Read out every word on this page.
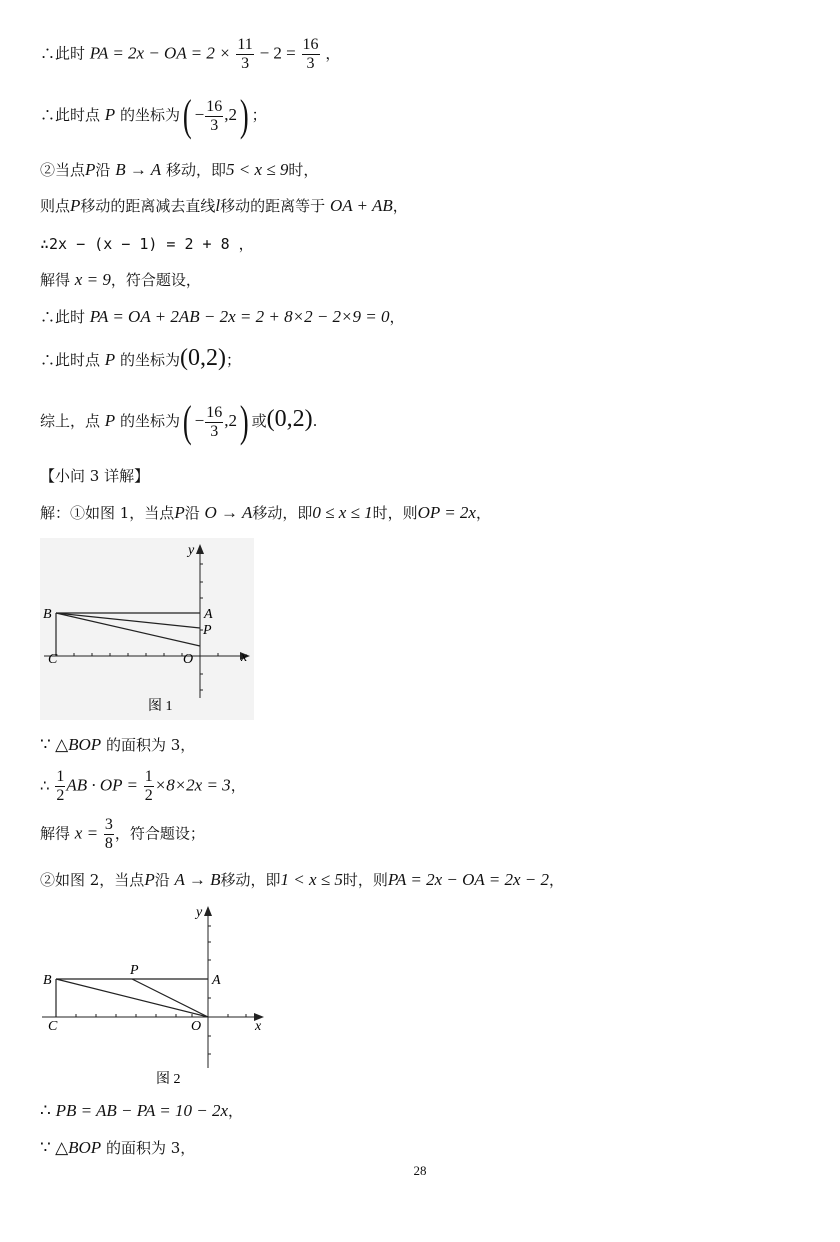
∴此时 PA = 2x − OA = $2 \times \frac{11}{3} - 2 = \frac{16}{3}$ ，
∴此时点 P 的坐标为( − $\frac{16}{3} ,2$) ；
②当点P沿 B → A 移动，即5 < x ≤ 9时，
则点P移动的距离减去直线l移动的距离等于 OA + AB，
∴2x − (x − 1) = 2 + 8 ，
解得 x = 9，符合题设，
∴此时 PA = OA + 2AB − 2x = 2 + 8×2 − 2×9 = 0，
∴此时点 P 的坐标为(0,2)；
综上，点 P 的坐标为( − $\frac{16}{3} ,2$) 或(0,2).
【小问 3 详解】
解：①如图 1，当点P沿 O → A移动，即0 ≤ x ≤ 1时，则OP = 2x，
y
x
A
B
C	O
P
图 1
∵ △BOP 的面积为 3，
∴ $\frac{1}{2}$ AB · OP = $\frac{1}{2} \times 8\times 2x = 3$，
解得 $x = \frac{3}{8}$ ，符合题设；
②如图 2，当点P沿 A → B移动，即1 < x ≤ 5时，则PA = 2x − OA = 2x − 2，
y
x
A
B
C	O
P
图 2
∴ PB = AB − PA = 10 − 2x，
∵ △BOP 的面积为 3，
28
